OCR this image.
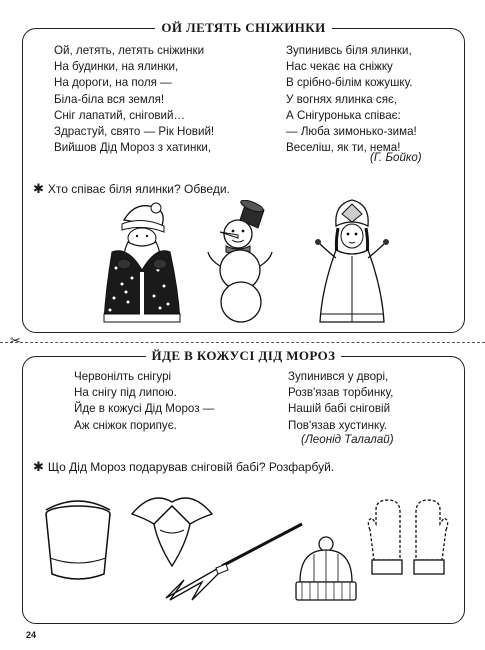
ОЙ ЛЕТЯТЬ СНІЖИНКИ
✂
ЙДЕ В КОЖУСІ ДІД МОРОЗ
Ой, летять, летять сніжинки
На будинки, на ялинки,
На дороги, на поля —
Біла-біла вся земля!
Сніг лапатий, сніговий…
Здрастуй, свято — Рік Новий!
Вийшов Дід Мороз з хатинки,
Зупинивсь біля ялинки,
Нас чекає на сніжку
В срібно-білім кожушку.
У вогнях ялинка сяє,
А Снігуронька співає:
— Люба зимонько-зима!
Веселіш, як ти, нема!
(Г. Бойко)
✱ Хто співає біля ялинки? Обведи.
Червонілть снігурі
На снігу під липою.
Йде в кожусі Дід Мороз —
Аж сніжок порипує.
Зупинився у дворі,
Розв'язав торбинку,
Нашій бабі сніговій
Пов'язав хустинку.
(Леонід Талалай)
✱ Що Дід Мороз подарував сніговій бабі? Розфарбуй.
24
